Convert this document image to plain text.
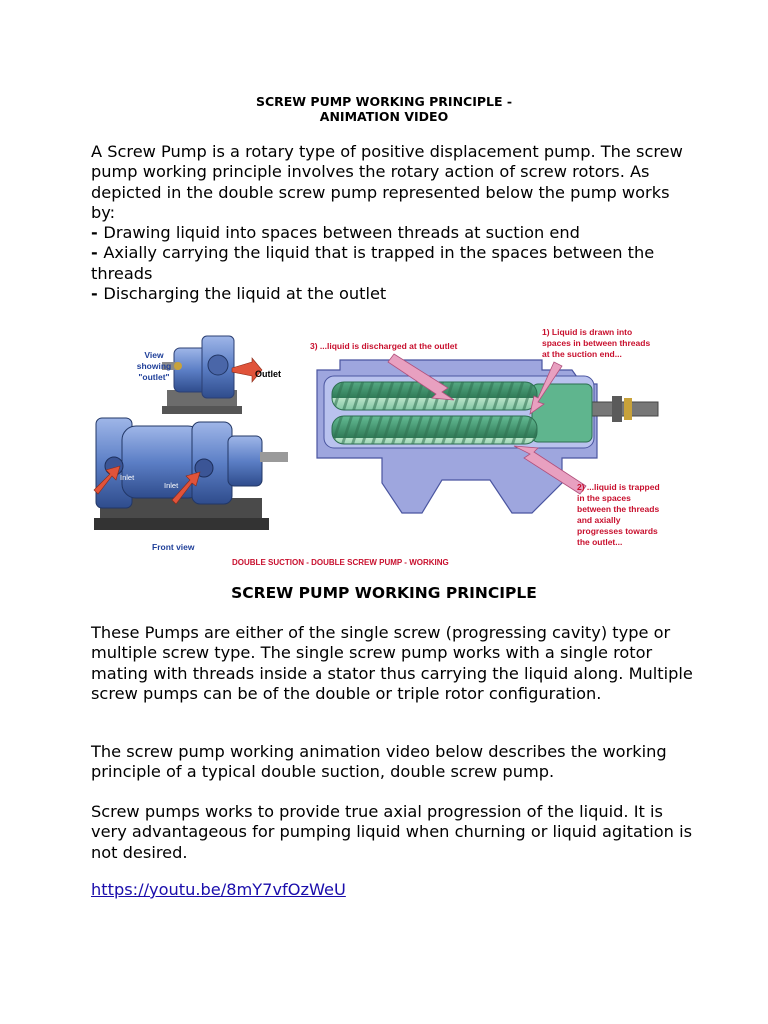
SCREW PUMP WORKING PRINCIPLE -
ANIMATION VIDEO

A Screw Pump is a rotary type of positive displacement pump. The screw pump working principle involves the rotary action of screw rotors. As depicted in the double screw pump represented below the pump works by:

- Drawing liquid into spaces between threads at suction end

- Axially carrying the liquid that is trapped in the spaces between the threads

- Discharging the liquid at the outlet

View
showing
"outlet"	Outlet
Inlet
Inlet
Front view
3) ...liquid is discharged at the outlet
1) Liquid is drawn into
spaces in between threads
at the suction end...
2) ...liquid is trapped
in the spaces
between the threads
and axially
progresses towards
the outlet...
DOUBLE SUCTION - DOUBLE SCREW PUMP - WORKING
SCREW PUMP WORKING PRINCIPLE

These Pumps are either of the single screw (progressing cavity) type or multiple screw type. The single screw pump works with a single rotor mating with threads inside a stator thus carrying the liquid along. Multiple screw pumps can be of the double or triple rotor configuration.

The screw pump working animation video below describes the working principle of a typical double suction, double screw pump.

Screw pumps works to provide true axial progression of the liquid. It is very advantageous for pumping liquid when churning or liquid agitation is not desired.

https://youtu.be/8mY7vfOzWeU
